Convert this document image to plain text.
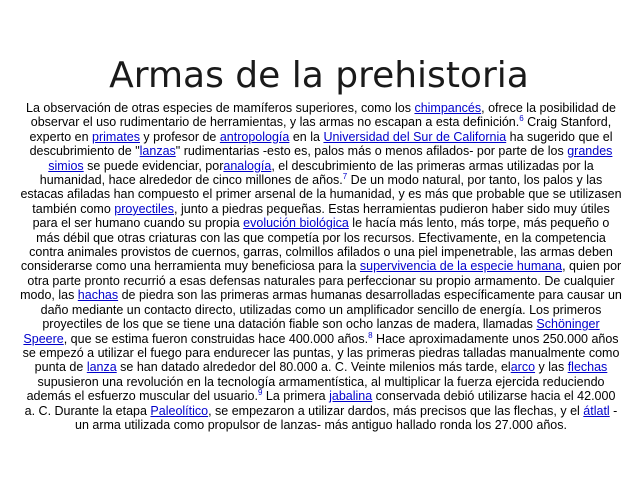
Armas de la prehistoria

La observación de otras especies de mamíferos superiores, como los chimpancés, ofrece la posibilidad de observar el uso rudimentario de herramientas, y las armas no escapan a esta definición.$^6$ Craig Stanford, experto en primates y profesor de antropología en la Universidad del Sur de California ha sugerido que el descubrimiento de "lanzas" rudimentarias -esto es, palos más o menos afilados- por parte de los grandes simios se puede evidenciar, poranalogía, el descubrimiento de las primeras armas utilizadas por la humanidad, hace alrededor de cinco millones de años.$^7$ De un modo natural, por tanto, los palos y las estacas afiladas han compuesto el primer arsenal de la humanidad, y es más que probable que se utilizasen también como proyectiles, junto a piedras pequeñas. Estas herramientas pudieron haber sido muy útiles para el ser humano cuando su propia evolución biológica le hacía más lento, más torpe, más pequeño o más débil que otras criaturas con las que competía por los recursos. Efectivamente, en la competencia contra animales provistos de cuernos, garras, colmillos afilados o una piel impenetrable, las armas deben considerarse como una herramienta muy beneficiosa para la supervivencia de la especie humana, quien por otra parte pronto recurrió a esas defensas naturales para perfeccionar su propio armamento. De cualquier modo, las hachas de piedra son las primeras armas humanas desarrolladas específicamente para causar un daño mediante un contacto directo, utilizadas como un amplificador sencillo de energía. Los primeros proyectiles de los que se tiene una datación fiable son ocho lanzas de madera, llamadas Schöninger Speere, que se estima fueron construidas hace 400.000 años.$^8$ Hace aproximadamente unos 250.000 años se empezó a utilizar el fuego para endurecer las puntas, y las primeras piedras talladas manualmente como punta de lanza se han datado alrededor del 80.000 a. C. Veinte milenios más tarde, elarco y las flechas supusieron una revolución en la tecnología armamentística, al multiplicar la fuerza ejercida reduciendo además el esfuerzo muscular del usuario.$^9$ La primera jabalina conservada debió utilizarse hacia el 42.000 a. C. Durante la etapa Paleolítico, se empezaron a utilizar dardos, más precisos que las flechas, y el átlatl -un arma utilizada como propulsor de lanzas- más antiguo hallado ronda los 27.000 años.
